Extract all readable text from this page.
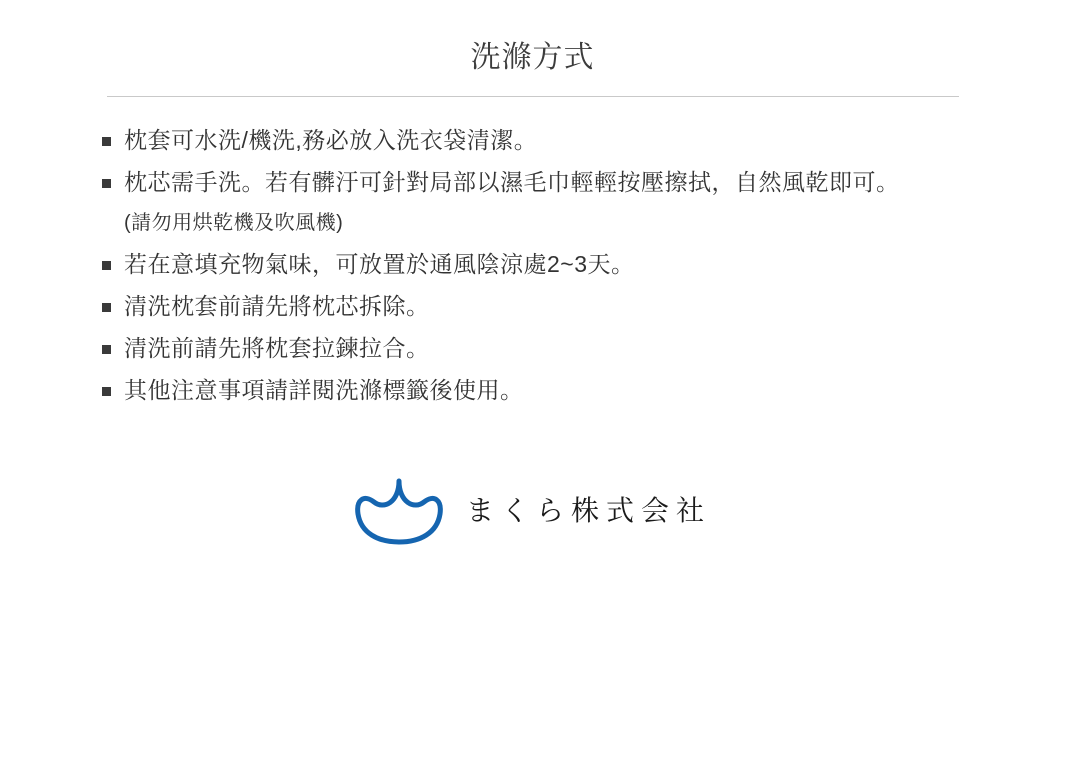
洗滌方式
枕套可水洗/機洗,務必放入洗衣袋清潔。
枕芯需手洗。若有髒汙可針對局部以濕毛巾輕輕按壓擦拭，自然風乾即可。
(請勿用烘乾機及吹風機)
若在意填充物氣味，可放置於通風陰涼處2~3天。
清洗枕套前請先將枕芯拆除。
清洗前請先將枕套拉鍊拉合。
其他注意事項請詳閱洗滌標籤後使用。
まくら株式会社
